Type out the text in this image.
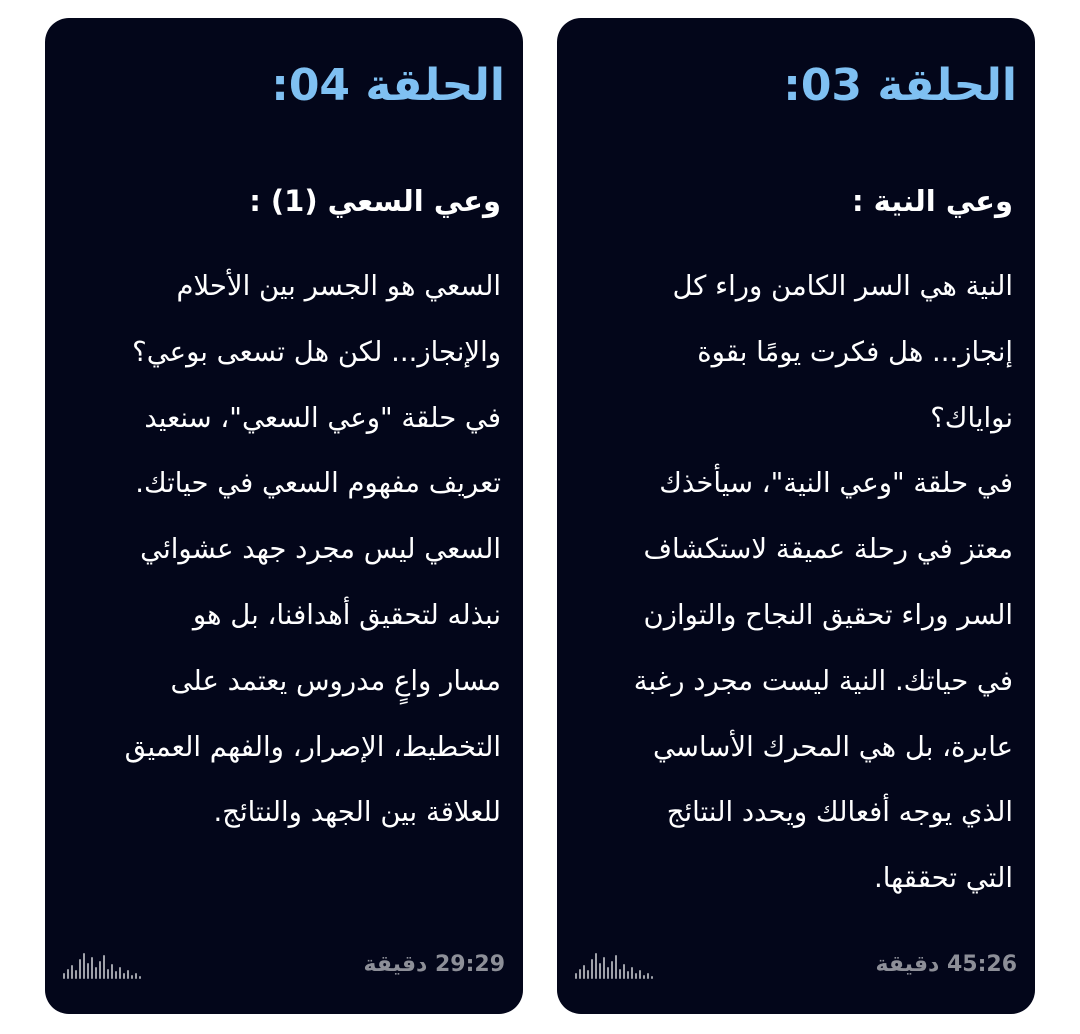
الحلقة 03:
وعي النية :
النية هي السر الكامن وراء كل
إنجاز... هل فكرت يومًا بقوة
نواياك؟
في حلقة "وعي النية"، سيأخذك
معتز في رحلة عميقة لاستكشاف
السر وراء تحقيق النجاح والتوازن
في حياتك. النية ليست مجرد رغبة
عابرة، بل هي المحرك الأساسي
الذي يوجه أفعالك ويحدد النتائج
التي تحققها.
45:26 دقيقة
الحلقة 04:
وعي السعي (1) :
السعي هو الجسر بين الأحلام
والإنجاز... لكن هل تسعى بوعي؟
في حلقة "وعي السعي"، سنعيد
تعريف مفهوم السعي في حياتك.
السعي ليس مجرد جهد عشوائي
نبذله لتحقيق أهدافنا، بل هو
مسار واعٍ مدروس يعتمد على
التخطيط، الإصرار، والفهم العميق
للعلاقة بين الجهد والنتائج.
29:29 دقيقة
